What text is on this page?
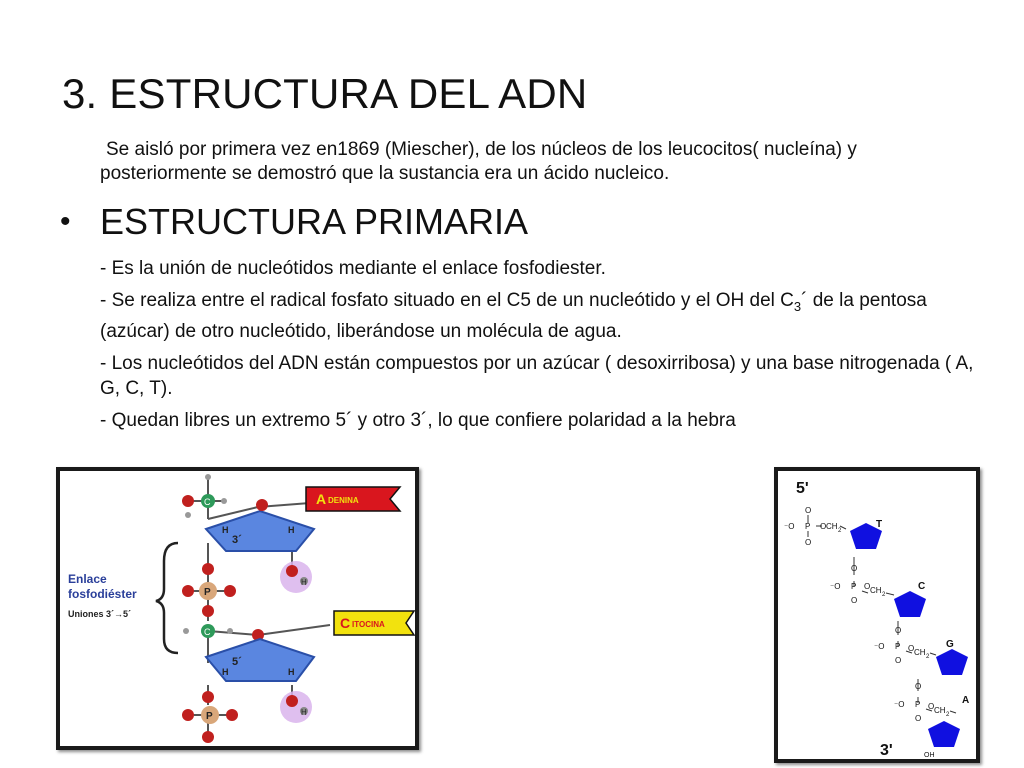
3. ESTRUCTURA DEL ADN

Se aisló por primera vez en1869 (Miescher), de los núcleos de los leucocitos( nucleína) y posteriormente se demostró que la sustancia era un ácido nucleico.

• ESTRUCTURA PRIMARIA

- Es la unión de nucleótidos mediante el enlace fosfodiester.

- Se realiza entre el radical fosfato situado en el C5 de un nucleótido y el OH del $C_3´$ de la pentosa (azúcar) de otro nucleótido, liberándose un molécula de agua.

- Los nucleótidos del ADN están compuestos por un azúcar ( desoxirribosa) y una base nitrogenada ( A, G, C, T).

- Quedan libres un extremo 5´ y otro 3´, lo que confiere polaridad a la hebra

Enlace
fosfodiéster
Uniones 3´→5´
3´
H	H
C	A DENINA
H
P
C
5´
H	H
C ITOCINA
H
P
5'
3'
O
⁻O P
O
O CH 2
T
O
⁻O P
O
O CH 2
C
O
⁻O P
O
O CH 2
G
O
⁻O P
O
O CH 2
A
OH
